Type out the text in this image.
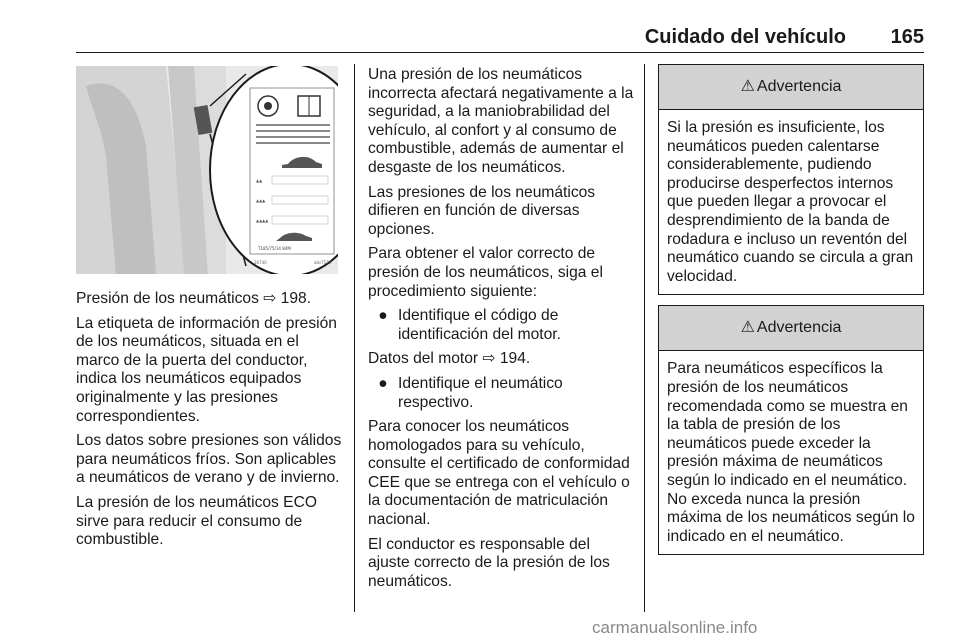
Cuidado del vehículo 165
▲▲
▲▲▲
▲▲▲▲
16740	abs7576
T185/75/14 84M

Presión de los neumáticos ⇨ 198.

La etiqueta de información de presión de los neumáticos, situada en el marco de la puerta del conductor, indica los neumáticos equipados originalmente y las presiones correspondientes.

Los datos sobre presiones son válidos para neumáticos fríos. Son aplicables a neumáticos de verano y de invierno.

La presión de los neumáticos ECO sirve para reducir el consumo de combustible.

Una presión de los neumáticos incorrecta afectará negativamente a la seguridad, a la maniobrabilidad del vehículo, al confort y al consumo de combustible, además de aumentar el desgaste de los neumáticos.

Las presiones de los neumáticos difieren en función de diversas opciones.

Para obtener el valor correcto de presión de los neumáticos, siga el procedimiento siguiente:

● Identifique el código de identificación del motor.

Datos del motor ⇨ 194.

● Identifique el neumático respectivo.

Para conocer los neumáticos homologados para su vehículo, consulte el certificado de conformidad CEE que se entrega con el vehículo o la documentación de matriculación nacional.

El conductor es responsable del ajuste correcto de la presión de los neumáticos.

⚠ Advertencia
Si la presión es insuficiente, los neumáticos pueden calentarse considerablemente, pudiendo producirse desperfectos internos que pueden llegar a provocar el desprendimiento de la banda de rodadura e incluso un reventón del neumático cuando se circula a gran velocidad.
⚠ Advertencia
Para neumáticos específicos la presión de los neumáticos recomendada como se muestra en la tabla de presión de los neumáticos puede exceder la presión máxima de neumáticos según lo indicado en el neumático. No exceda nunca la presión máxima de los neumáticos según lo indicado en el neumático.
carmanualsonline.info
